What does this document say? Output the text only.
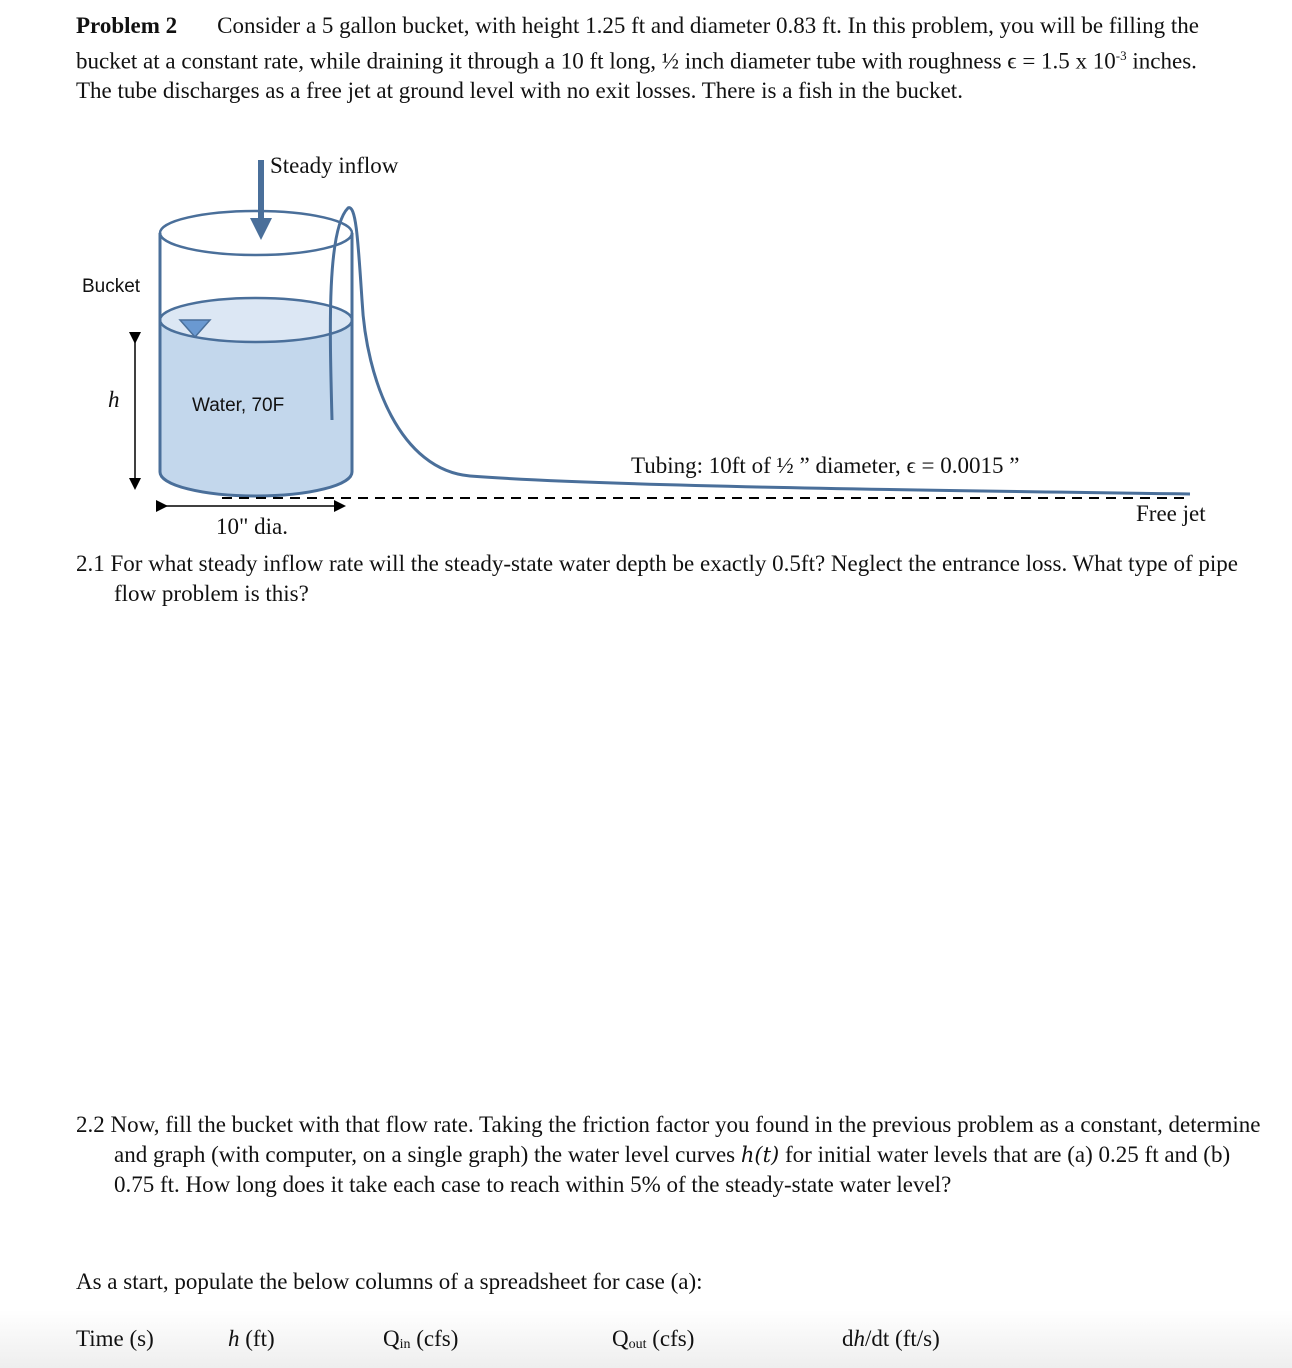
Problem 2 Consider a 5 gallon bucket, with height 1.25 ft and diameter 0.83 ft. In this problem, you will be filling the bucket at a constant rate, while draining it through a 10 ft long, ½ inch diameter tube with roughness ϵ = 1.5 x $10^{-3}$ inches. The tube discharges as a free jet at ground level with no exit losses. There is a fish in the bucket.

Steady inflow
Bucket
h	Water, 70F
Tubing: 10ft of ½ ” diameter, ϵ = 0.0015 ”
Free jet
10" dia.

2.1 For what steady inflow rate will the steady-state water depth be exactly 0.5ft? Neglect the entrance loss. What type of pipe flow problem is this?

2.2 Now, fill the bucket with that flow rate. Taking the friction factor you found in the previous problem as a constant, determine and graph (with computer, on a single graph) the water level curves h(t) for initial water levels that are (a) 0.25 ft and (b) 0.75 ft. How long does it take each case to reach within 5% of the steady-state water level?

As a start, populate the below columns of a spreadsheet for case (a):

Time (s)	h (ft)	$Q_{in}$ (cfs)	$Q_{out}$ (cfs)	dh/dt (ft/s)
